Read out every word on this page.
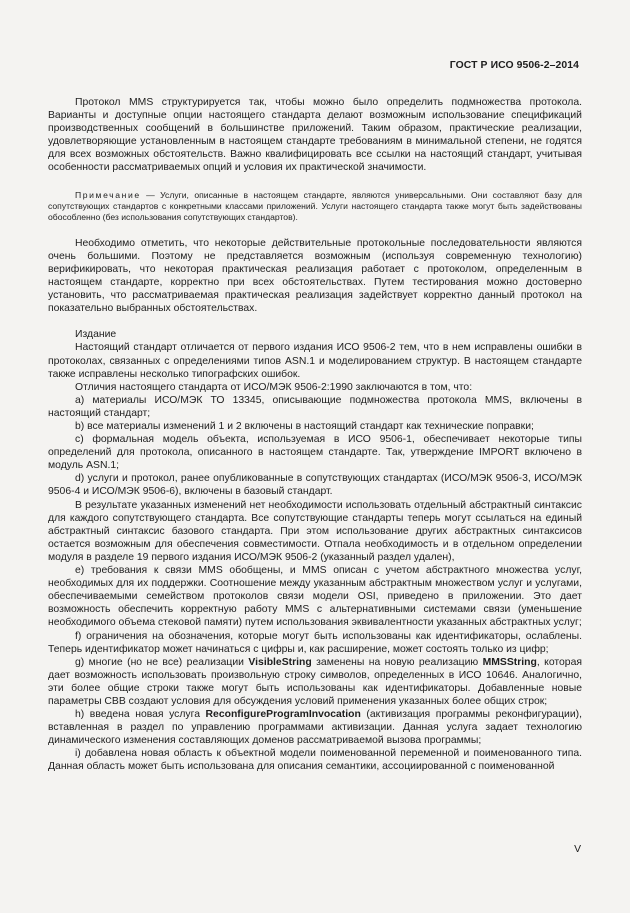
ГОСТ Р ИСО 9506-2–2014

Протокол MMS структурируется так, чтобы можно было определить подмножества протокола. Варианты и доступные опции настоящего стандарта делают возможным использование спецификаций производственных сообщений в большинстве приложений. Таким образом, практические реализации, удовлетворяющие установленным в настоящем стандарте требованиям в минимальной степени, не годятся для всех возможных обстоятельств. Важно квалифицировать все ссылки на настоящий стандарт, учитывая особенности рассматриваемых опций и условия их практической значимости.

Примечание — Услуги, описанные в настоящем стандарте, являются универсальными. Они составляют базу для сопутствующих стандартов с конкретными классами приложений. Услуги настоящего стандарта также могут быть задействованы обособленно (без использования сопутствующих стандартов).

Необходимо отметить, что некоторые действительные протокольные последовательности являются очень большими. Поэтому не представляется возможным (используя современную технологию) верификировать, что некоторая практическая реализация работает с протоколом, определенным в настоящем стандарте, корректно при всех обстоятельствах. Путем тестирования можно достоверно установить, что рассматриваемая практическая реализация задействует корректно данный протокол на показательно выбранных обстоятельствах.

Издание

Настоящий стандарт отличается от первого издания ИСО 9506-2 тем, что в нем исправлены ошибки в протоколах, связанных с определениями типов ASN.1 и моделированием структур. В настоящем стандарте также исправлены несколько типографских ошибок.

Отличия настоящего стандарта от ИСО/МЭК 9506-2:1990 заключаются в том, что:

а) материалы ИСО/МЭК ТО 13345, описывающие подмножества протокола MMS, включены в настоящий стандарт;

b) все материалы изменений 1 и 2 включены в настоящий стандарт как технические поправки;

с) формальная модель объекта, используемая в ИСО 9506-1, обеспечивает некоторые типы определений для протокола, описанного в настоящем стандарте. Так, утверждение IMPORT включено в модуль ASN.1;

d) услуги и протокол, ранее опубликованные в сопутствующих стандартах (ИСО/МЭК 9506-3, ИСО/МЭК 9506-4 и ИСО/МЭК 9506-6), включены в базовый стандарт.

В результате указанных изменений нет необходимости использовать отдельный абстрактный синтаксис для каждого сопутствующего стандарта. Все сопутствующие стандарты теперь могут ссылаться на единый абстрактный синтаксис базового стандарта. При этом использование других абстрактных синтаксисов остается возможным для обеспечения совместимости. Отпала необходимость и в отдельном определении модуля в разделе 19 первого издания ИСО/МЭК 9506-2 (указанный раздел удален),

е) требования к связи MMS обобщены, и MMS описан с учетом абстрактного множества услуг, необходимых для их поддержки. Соотношение между указанным абстрактным множеством услуг и услугами, обеспечиваемыми семейством протоколов связи модели OSI, приведено в приложении. Это дает возможность обеспечить корректную работу MMS с альтернативными системами связи (уменьшение необходимого объема стековой памяти) путем использования эквивалентности указанных абстрактных услуг;

f) ограничения на обозначения, которые могут быть использованы как идентификаторы, ослаблены. Теперь идентификатор может начинаться с цифры и, как расширение, может состоять только из цифр;

g) многие (но не все) реализации VisibleString заменены на новую реализацию MMSString, которая дает возможность использовать произвольную строку символов, определенных в ИСО 10646. Аналогично, эти более общие строки также могут быть использованы как идентификаторы. Добавленные новые параметры CBB создают условия для обсуждения условий применения указанных более общих строк;

h) введена новая услуга ReconfigureProgramInvocation (активизация программы реконфигурации), вставленная в раздел по управлению программами активизации. Данная услуга задает технологию динамического изменения составляющих доменов рассматриваемой вызова программы;

i) добавлена новая область к объектной модели поименованной переменной и поименованного типа. Данная область может быть использована для описания семантики, ассоциированной с поименованной

V
